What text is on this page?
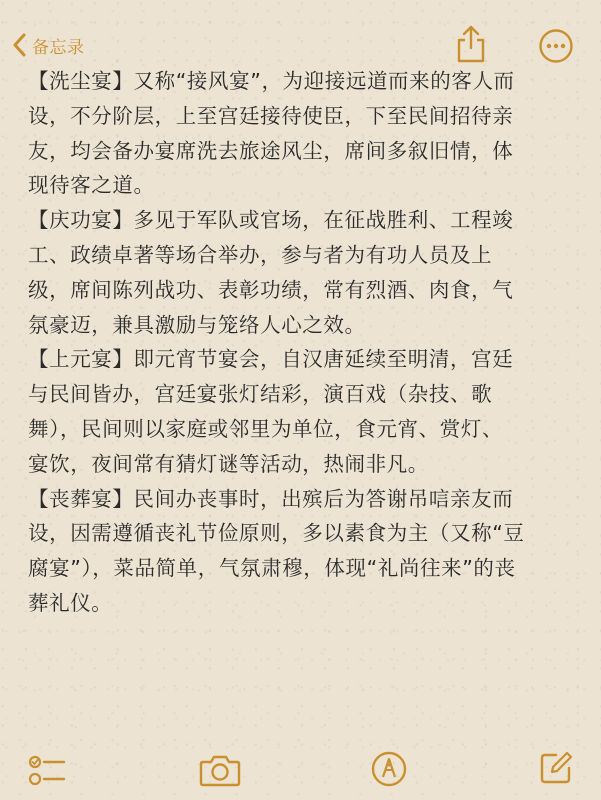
备忘录

【洗尘宴】又称“接风宴”，为迎接远道而来的客人而
设，不分阶层，上至宫廷接待使臣，下至民间招待亲
友，均会备办宴席洗去旅途风尘，席间多叙旧情，体
现待客之道。

【庆功宴】多见于军队或官场，在征战胜利、工程竣
工、政绩卓著等场合举办，参与者为有功人员及上
级，席间陈列战功、表彰功绩，常有烈酒、肉食，气
氛豪迈，兼具激励与笼络人心之效。

【上元宴】即元宵节宴会，自汉唐延续至明清，宫廷
与民间皆办，宫廷宴张灯结彩，演百戏（杂技、歌
舞），民间则以家庭或邻里为单位，食元宵、赏灯、
宴饮，夜间常有猜灯谜等活动，热闹非凡。

【丧葬宴】民间办丧事时，出殡后为答谢吊唁亲友而
设，因需遵循丧礼节俭原则，多以素食为主（又称“豆
腐宴”），菜品简单，气氛肃穆，体现“礼尚往来”的丧
葬礼仪。
